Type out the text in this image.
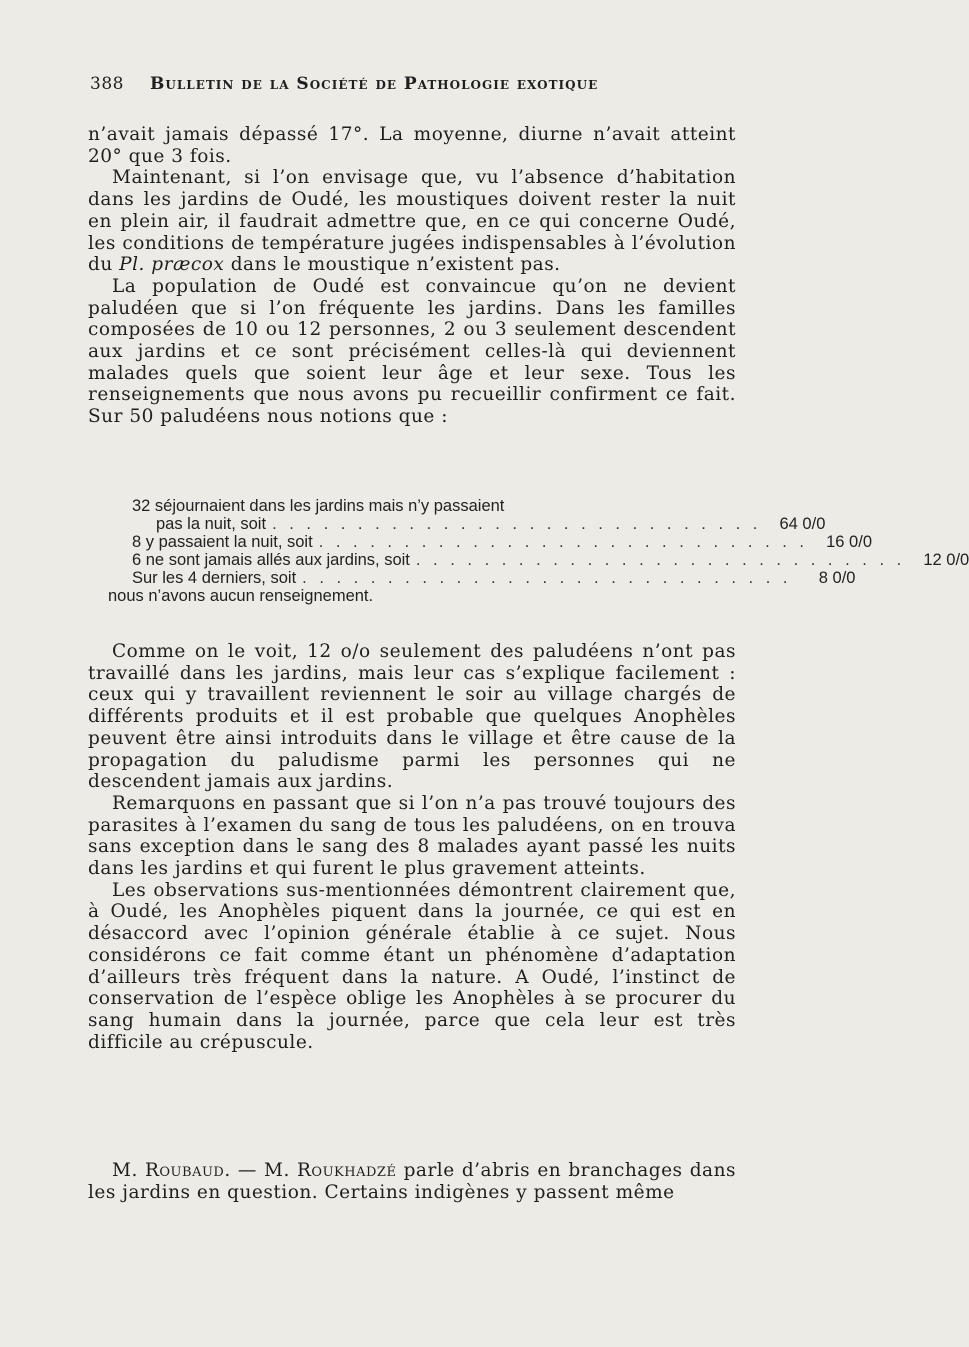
388 Bulletin de la Société de Pathologie exotique

n’avait jamais dépassé 17°. La moyenne, diurne n’avait atteint 20° que 3 fois.

Maintenant, si l’on envisage que, vu l’absence d’habitation dans les jardins de Oudé, les moustiques doivent rester la nuit en plein air, il faudrait admettre que, en ce qui concerne Oudé, les conditions de température jugées indispensables à l’évolution du Pl. præcox dans le moustique n’existent pas.

La population de Oudé est convaincue qu’on ne devient paludéen que si l’on fréquente les jardins. Dans les familles composées de 10 ou 12 personnes, 2 ou 3 seulement descendent aux jardins et ce sont précisément celles-là qui deviennent malades quels que soient leur âge et leur sexe. Tous les renseignements que nous avons pu recueillir confirment ce fait. Sur 50 paludéens nous notions que :

32 séjournaient dans les jardins mais n’y passaient
pas la nuit, soit . . . . . . . . . . . . . . . . . . . . . . . . . . . . .	64 0/0
8 y passaient la nuit, soit . . . . . . . . . . . . . . . . . . . . . . . . . . . . .	16 0/0
6 ne sont jamais allés aux jardins, soit . . . . . . . . . . . . . . . . . . . . . . . . . . . . .	12 0/0
Sur les 4 derniers, soit . . . . . . . . . . . . . . . . . . . . . . . . . . . . .	8 0/0
nous n’avons aucun renseignement.

Comme on le voit, 12 o/o seulement des paludéens n’ont pas travaillé dans les jardins, mais leur cas s’explique facilement : ceux qui y travaillent reviennent le soir au village chargés de différents produits et il est probable que quelques Anophèles peuvent être ainsi introduits dans le village et être cause de la propagation du paludisme parmi les personnes qui ne descendent jamais aux jardins.

Remarquons en passant que si l’on n’a pas trouvé toujours des parasites à l’examen du sang de tous les paludéens, on en trouva sans exception dans le sang des 8 malades ayant passé les nuits dans les jardins et qui furent le plus gravement atteints.

Les observations sus-mentionnées démontrent clairement que, à Oudé, les Anophèles piquent dans la journée, ce qui est en désaccord avec l’opinion générale établie à ce sujet. Nous considérons ce fait comme étant un phénomène d’adaptation d’ailleurs très fréquent dans la nature. A Oudé, l’instinct de conservation de l’espèce oblige les Anophèles à se procurer du sang humain dans la journée, parce que cela leur est très difficile au crépuscule.

M. Roubaud. — M. Roukhadzé parle d’abris en branchages dans les jardins en question. Certains indigènes y passent même
